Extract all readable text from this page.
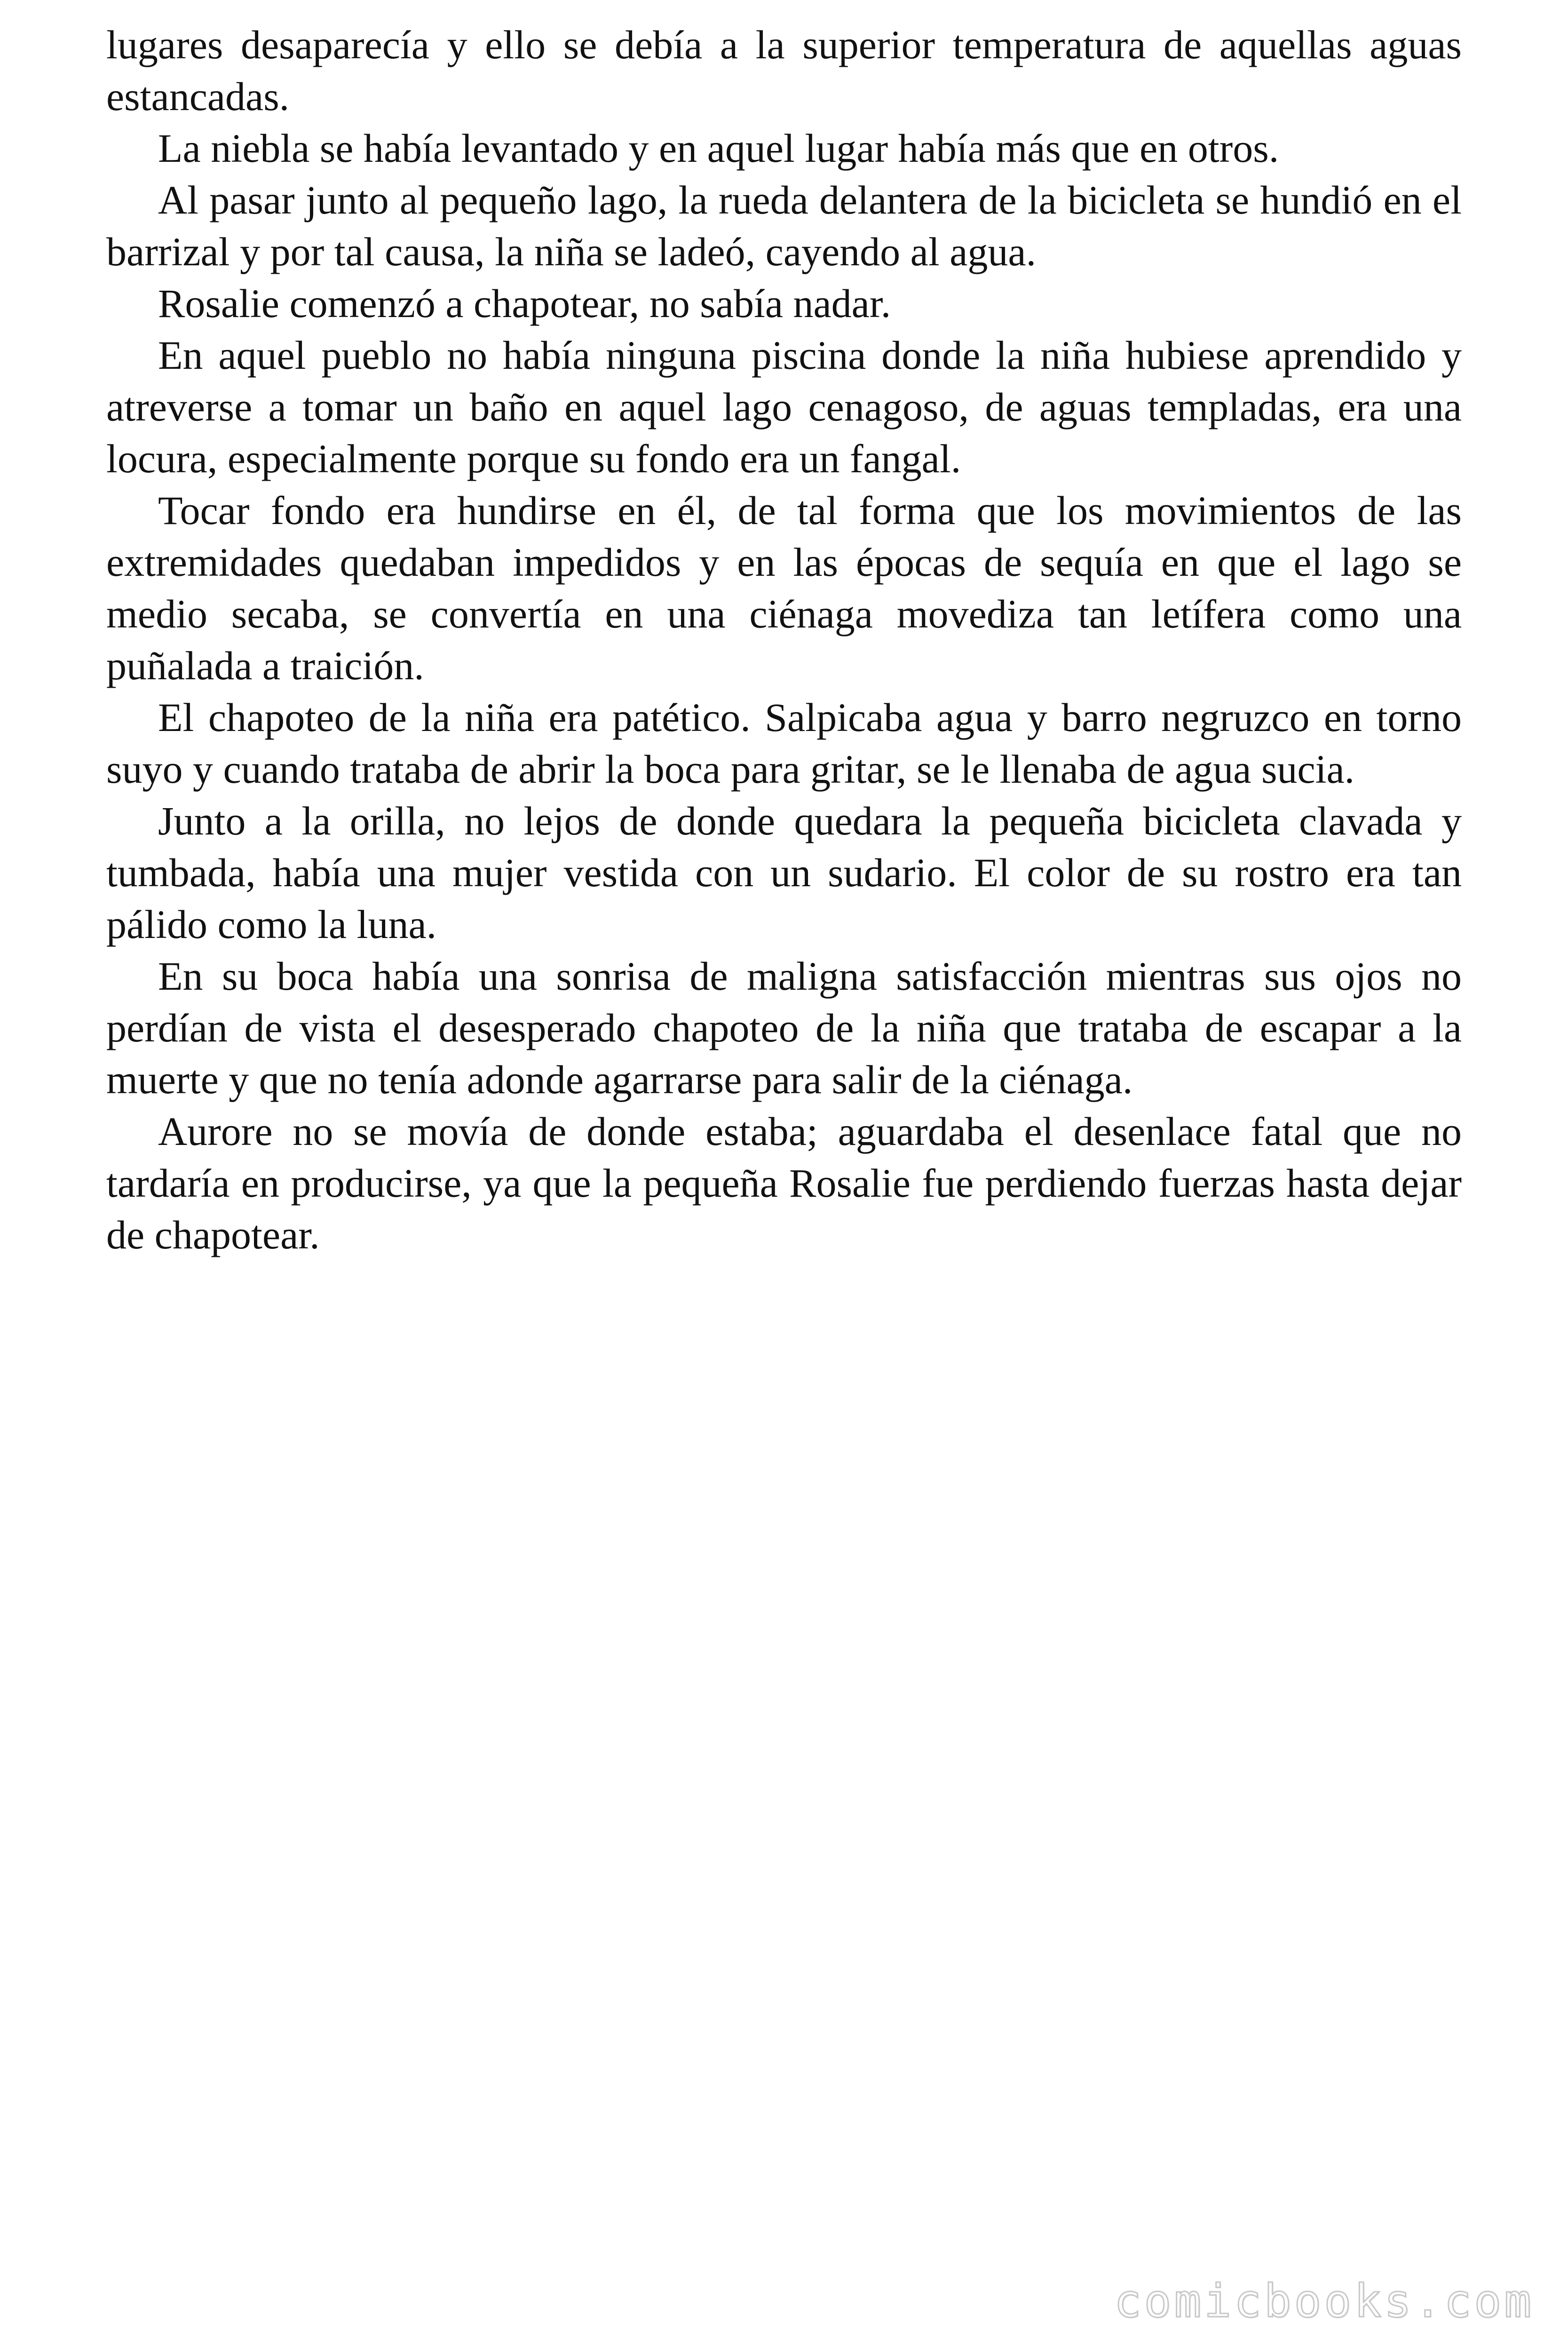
lugares desaparecía y ello se debía a la superior temperatura de aquellas aguas estancadas.

La niebla se había levantado y en aquel lugar había más que en otros.

Al pasar junto al pequeño lago, la rueda delantera de la bicicleta se hundió en el barrizal y por tal causa, la niña se ladeó, cayendo al agua.

Rosalie comenzó a chapotear, no sabía nadar.

En aquel pueblo no había ninguna piscina donde la niña hubiese aprendido y atreverse a tomar un baño en aquel lago cenagoso, de aguas templadas, era una locura, especialmente porque su fondo era un fangal.

Tocar fondo era hundirse en él, de tal forma que los movimientos de las extremidades quedaban impedidos y en las épocas de sequía en que el lago se medio secaba, se convertía en una ciénaga movediza tan letífera como una puñalada a traición.

El chapoteo de la niña era patético. Salpicaba agua y barro negruzco en torno suyo y cuando trataba de abrir la boca para gritar, se le llenaba de agua sucia.

Junto a la orilla, no lejos de donde quedara la pequeña bicicleta clavada y tumbada, había una mujer vestida con un sudario. El color de su rostro era tan pálido como la luna.

En su boca había una sonrisa de maligna satisfacción mientras sus ojos no perdían de vista el desesperado chapoteo de la niña que trataba de escapar a la muerte y que no tenía adonde agarrarse para salir de la ciénaga.

Aurore no se movía de donde estaba; aguardaba el desenlace fatal que no tardaría en producirse, ya que la pequeña Rosalie fue perdiendo fuerzas hasta dejar de chapotear.

comicbooks.com
